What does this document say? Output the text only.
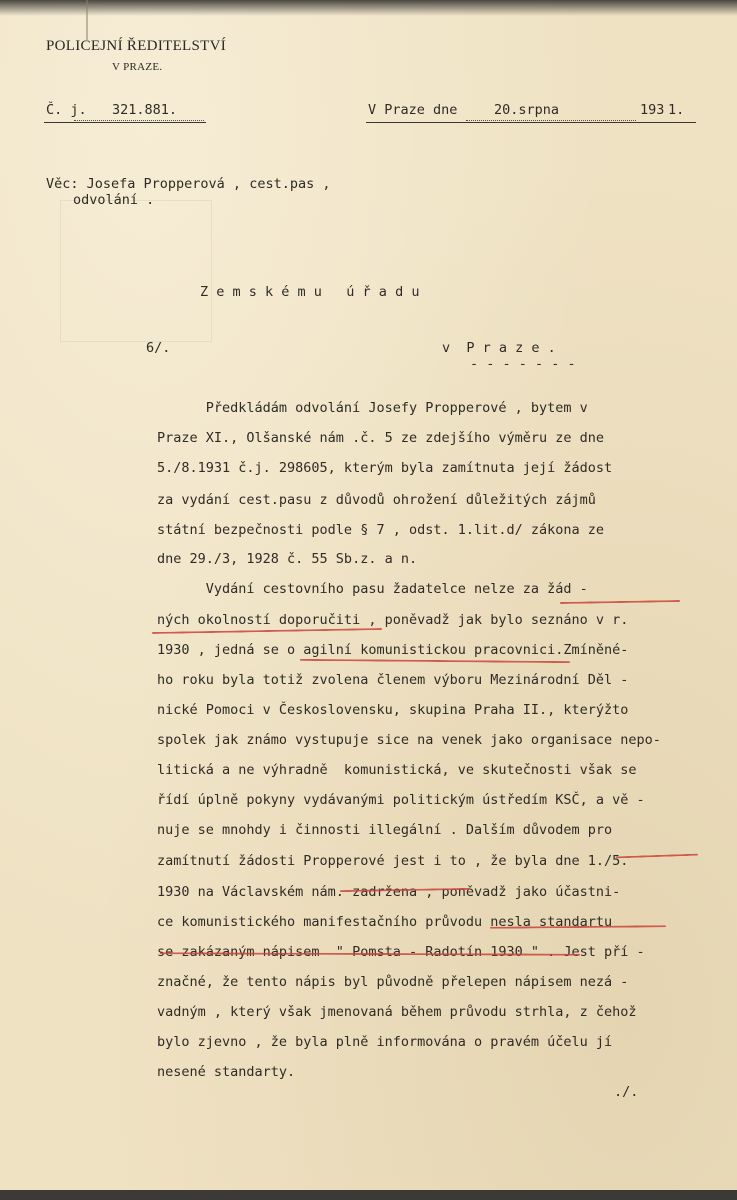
POLICEJNÍ ŘEDITELSTVÍ
V PRAZE.
Č. j. 321.881.	V Praze dne	20.srpna	193 1.
Věc: Josefa Propperová , cest.pas ,
odvolání .
Z e m s k é m u   ú ř a d u
6/.	v  P r a z e .
- - - - - - -
Předkládám odvolání Josefy Propperové , bytem v
Praze XI., Olšanské nám .č. 5 ze zdejšího výměru ze dne
5./8.1931 č.j. 298605, kterým byla zamítnuta její žádost
za vydání cest.pasu z důvodů ohrožení důležitých zájmů
státní bezpečnosti podle § 7 , odst. 1.lit.d/ zákona ze
dne 29./3, 1928 č. 55 Sb.z. a n.
Vydání cestovního pasu žadatelce nelze za žád -
ných okolností doporučiti , poněvadž jak bylo seznáno v r.
1930 , jedná se o agilní komunistickou pracovnici.Zmíněné-
ho roku byla totiž zvolena členem výboru Mezinárodní Děl -
nické Pomoci v Československu, skupina Praha II., kterýžto
spolek jak známo vystupuje sice na venek jako organisace nepo-
litická a ne výhradně  komunistická, ve skutečnosti však se
řídí úplně pokyny vydávanými politickým ústředím KSČ, a vě -
nuje se mnohdy i činnosti illegální . Dalším důvodem pro
zamítnutí žádosti Propperové jest i to , že byla dne 1./5.
1930 na Václavském nám. zadržena , poněvadž jako účastni-
ce komunistického manifestačního průvodu nesla standartu
se zakázaným nápisem  " Pomsta - Radotín 1930 " . Jest pří -
značné, že tento nápis byl původně přelepen nápisem nezá -
vadným , který však jmenovaná během průvodu strhla, z čehož
bylo zjevno , že byla plně informována o pravém účelu jí
nesené standarty.
./.
